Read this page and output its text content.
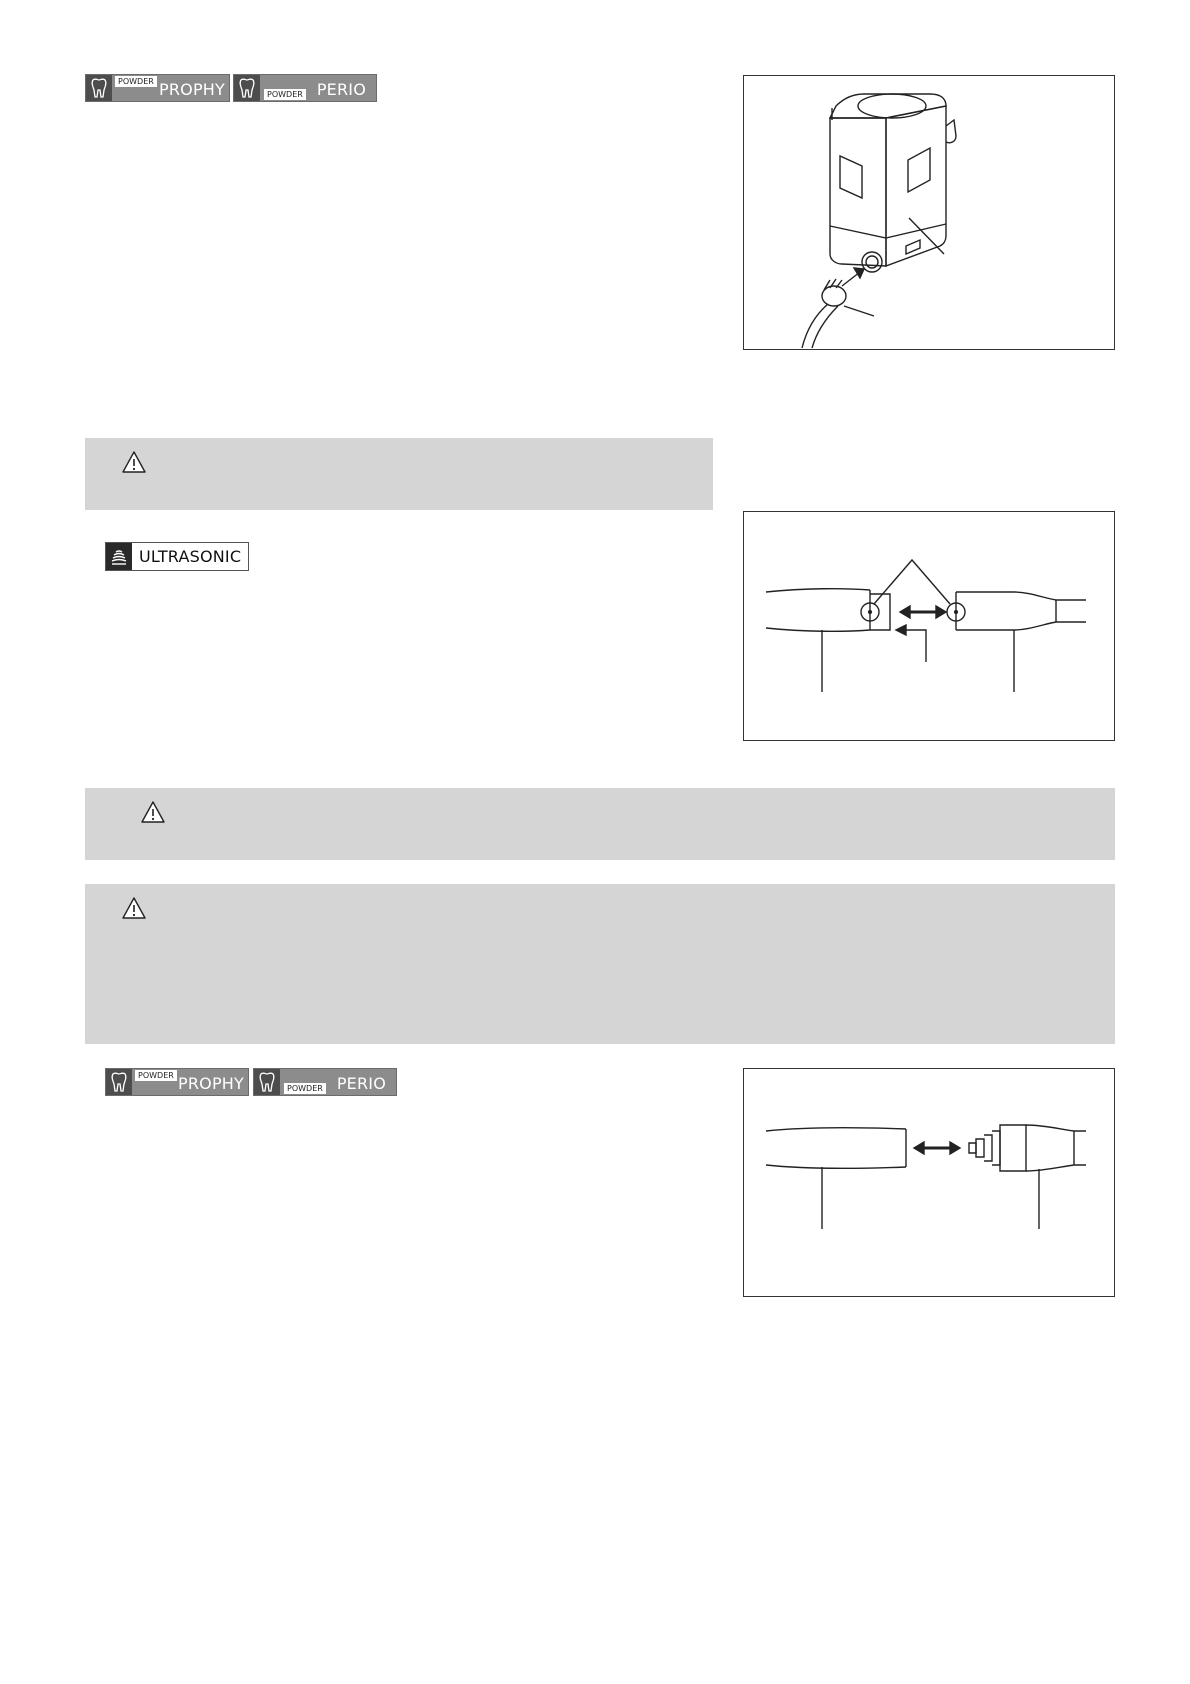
POWDER PROPHY	POWDER PERIO
ULTRASONIC
POWDER PROPHY	POWDER PERIO
